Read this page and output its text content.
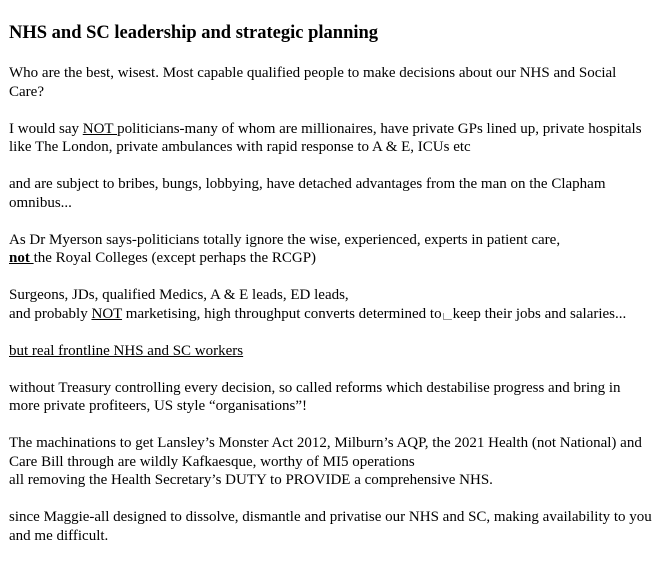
NHS and SC leadership and strategic planning

Who are the best, wisest. Most capable qualified people to make decisions about our NHS and Social Care?

I would say NOT politicians-many of whom are millionaires, have private GPs lined up, private hospitals like The London, private ambulances with rapid response to A & E, ICUs etc

and are subject to bribes, bungs, lobbying, have detached advantages from the man on the Clapham omnibus...

As Dr Myerson says-politicians totally ignore the wise, experienced, experts in patient care,
not the Royal Colleges (except perhaps the RCGP)

Surgeons, JDs, qualified Medics, A & E leads, ED leads,
and probably NOT marketising, high throughput converts determined to keep their jobs and salaries...

but real frontline NHS and SC workers

without Treasury controlling every decision, so called reforms which destabilise progress and bring in more private profiteers, US style “organisations”!

The machinations to get Lansley’s Monster Act 2012, Milburn’s AQP, the 2021 Health (not National) and Care Bill through are wildly Kafkaesque, worthy of MI5 operations
all removing the Health Secretary’s DUTY to PROVIDE a comprehensive NHS.

since Maggie-all designed to dissolve, dismantle and privatise our NHS and SC, making availability to you and me difficult.
